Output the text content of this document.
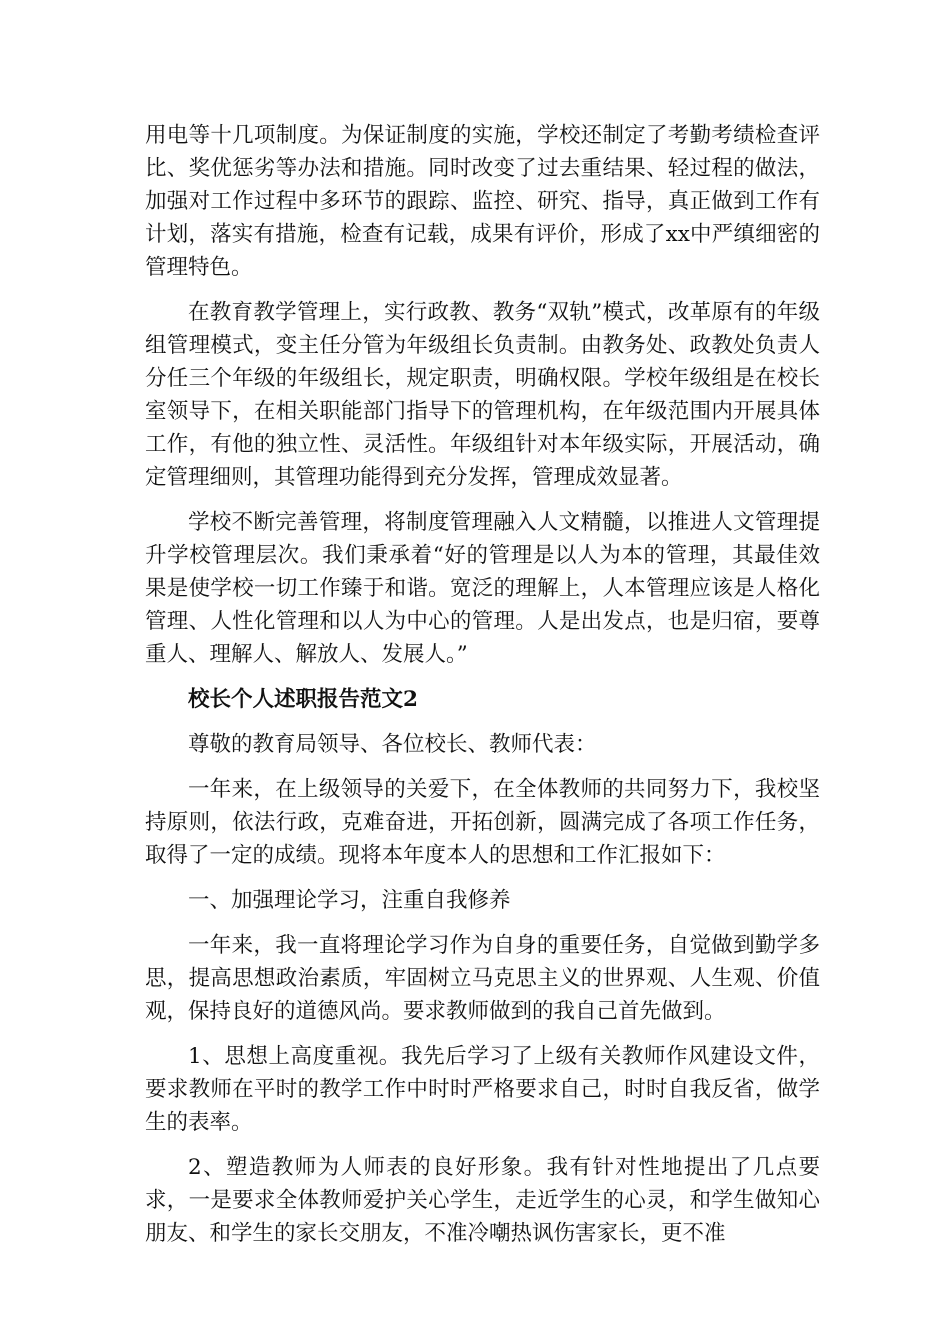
用电等十几项制度。为保证制度的实施，学校还制定了考勤考绩检查评比、奖优惩劣等办法和措施。同时改变了过去重结果、轻过程的做法，加强对工作过程中多环节的跟踪、监控、研究、指导，真正做到工作有计划，落实有措施，检查有记载，成果有评价，形成了xx中严缜细密的管理特色。

在教育教学管理上，实行政教、教务“双轨”模式，改革原有的年级组管理模式，变主任分管为年级组长负责制。由教务处、政教处负责人分任三个年级的年级组长，规定职责，明确权限。学校年级组是在校长室领导下，在相关职能部门指导下的管理机构，在年级范围内开展具体工作，有他的独立性、灵活性。年级组针对本年级实际，开展活动，确定管理细则，其管理功能得到充分发挥，管理成效显著。

学校不断完善管理，将制度管理融入人文精髓，以推进人文管理提升学校管理层次。我们秉承着“好的管理是以人为本的管理，其最佳效果是使学校一切工作臻于和谐。宽泛的理解上，人本管理应该是人格化管理、人性化管理和以人为中心的管理。人是出发点，也是归宿，要尊重人、理解人、解放人、发展人。”

校长个人述职报告范文2

尊敬的教育局领导、各位校长、教师代表：

一年来，在上级领导的关爱下，在全体教师的共同努力下，我校坚持原则，依法行政，克难奋进，开拓创新，圆满完成了各项工作任务，取得了一定的成绩。现将本年度本人的思想和工作汇报如下：

一、加强理论学习，注重自我修养

一年来，我一直将理论学习作为自身的重要任务，自觉做到勤学多思，提高思想政治素质，牢固树立马克思主义的世界观、人生观、价值观，保持良好的道德风尚。要求教师做到的我自己首先做到。

1、思想上高度重视。我先后学习了上级有关教师作风建设文件，要求教师在平时的教学工作中时时严格要求自己，时时自我反省，做学生的表率。

2、塑造教师为人师表的良好形象。我有针对性地提出了几点要求，一是要求全体教师爱护关心学生，走近学生的心灵，和学生做知心朋友、和学生的家长交朋友，不准冷嘲热讽伤害家长，更不准
